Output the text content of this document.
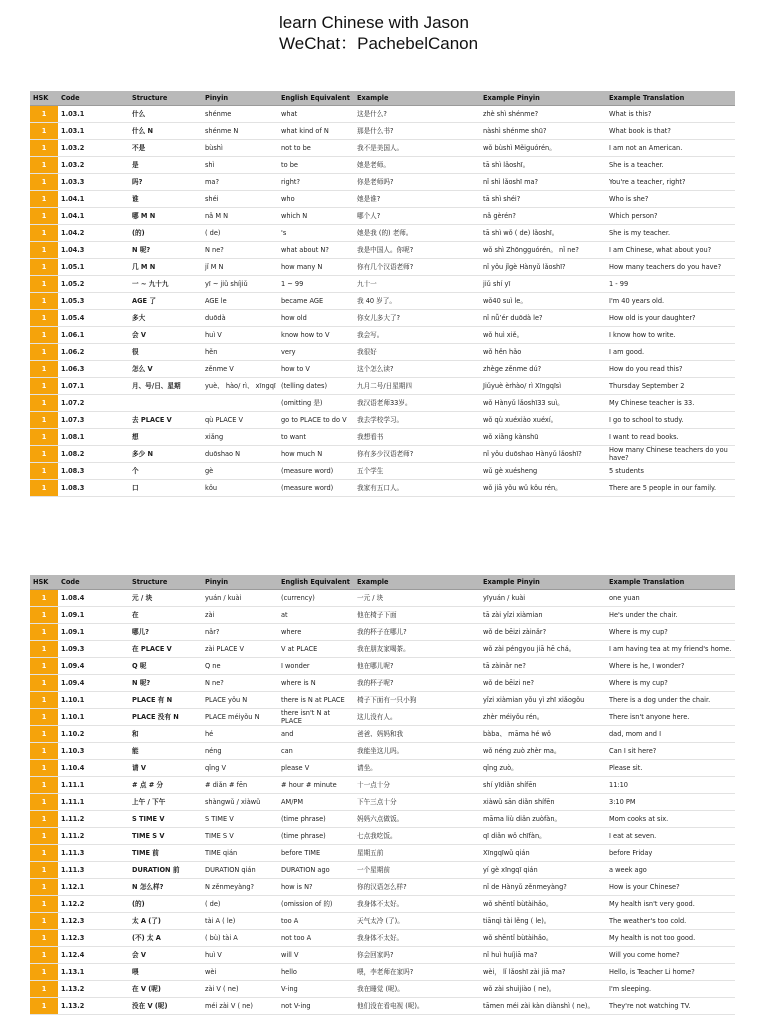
learn Chinese with Jason
WeChat：PachebelCanon
HSK	Code		Structure	Pinyin	English Equivalent	Example	Example Pinyin	Example Translation
1	1.03.1		什么	shénme	what	这是什么?	zhè shì shénme?	What is this?
1	1.03.1		什么 N	shénme N	what kind of N	那是什么书?	nàshì shénme shū?	What book is that?
1	1.03.2		不是	bùshì	not to be	我不是美国人。	wǒ bùshì Měiguórén。	I am not an American.
1	1.03.2		是	shì	to be	她是老师。	tā shì lǎoshī。	She is a teacher.
1	1.03.3		吗?	ma?	right?	你是老师吗?	nǐ shì lǎoshī ma?	You're a teacher, right?
1	1.04.1		谁	shéi	who	她是谁?	tā shì shéi?	Who is she?
1	1.04.1		哪 M N	nǎ M N	which N	哪个人?	nǎ gèrén?	Which person?
1	1.04.2		(的)	( de)	's	她是我 (的) 老师。	tā shì wǒ ( de) lǎoshī。	She is my teacher.
1	1.04.3		N 呢?	N ne?	what about N?	我是中国人。你呢?	wǒ shì Zhōngguórén。 nǐ ne?	I am Chinese, what about you?
1	1.05.1		几 M N	jǐ M N	how many N	你有几个汉语老师?	nǐ yǒu jǐgè Hànyǔ lǎoshī?	How many teachers do you have?
1	1.05.2		一 ~ 九十九	yī ~ jiǔ shíjiǔ	1 ~ 99	九十一	jiǔ shí yī	1 - 99
1	1.05.3		AGE 了	AGE le	became AGE	我 40 岁了。	wǒ40 suì le。	I'm 40 years old.
1	1.05.4		多大	duōdà	how old	你女儿多大了?	nǐ nǚ’ér duōdà le?	How old is your daughter?
1	1.06.1		会 V	huì V	know how to V	我会写。	wǒ huì xiě。	I know how to write.
1	1.06.2		很	hěn	very	我很好	wǒ hěn hǎo	I am good.
1	1.06.3		怎么 V	zěnme V	how to V	这个怎么读?	zhège zěnme dú?	How do you read this?
1	1.07.1		月、号/日、星期	yuè、 hào/ rì、 xīngqī	(telling dates)	九月二号/日星期四	Jiǔyuè èrhào/ rì Xīngqīsì	Thursday September 2
1	1.07.2				(omitting 是)	我汉语老师33岁。	wǒ Hànyǔ lǎoshī33 suì。	My Chinese teacher is 33.
1	1.07.3		去 PLACE V	qù PLACE V	go to PLACE to do V	我去学校学习。	wǒ qù xuéxiào xuéxí。	I go to school to study.
1	1.08.1		想	xiǎng	to want	我想看书	wǒ xiǎng kànshū	I want to read books.
1	1.08.2		多少 N	duōshao N	how much N	你有多少汉语老师?	nǐ yǒu duōshao Hànyǔ lǎoshī?	How many Chinese teachers do you have?
1	1.08.3		个	gè	(measure word)	五个学生	wǔ gè xuésheng	5 students
1	1.08.3		口	kǒu	(measure word)	我家有五口人。	wǒ jiā yǒu wǔ kǒu rén。	There are 5 people in our family.
HSK	Code		Structure	Pinyin	English Equivalent	Example	Example Pinyin	Example Translation
1	1.08.4		元 / 块	yuán / kuài	(currency)	一元 / 块	yīyuán / kuài	one yuan
1	1.09.1		在	zài	at	他在椅子下面	tā zài yǐzi xiàmian	He's under the chair.
1	1.09.1		哪儿?	nǎr?	where	我的杯子在哪儿?	wǒ de bēizi zàinǎr?	Where is my cup?
1	1.09.3		在 PLACE V	zài PLACE V	V at PLACE	我在朋友家喝茶。	wǒ zài péngyou jiā hē chá。	I am having tea at my friend's home.
1	1.09.4		Q 呢	Q ne	I wonder	他在哪儿呢?	tā zàinǎr ne?	Where is he, I wonder?
1	1.09.4		N 呢?	N ne?	where is N	我的杯子呢?	wǒ de bēizi ne?	Where is my cup?
1	1.10.1		PLACE 有 N	PLACE yǒu N	there is N at PLACE	椅子下面有一只小狗	yǐzi xiàmian yǒu yì zhī xiǎogǒu	There is a dog under the chair.
1	1.10.1		PLACE 没有 N	PLACE méiyǒu N	there isn't N at PLACE	这儿没有人。	zhèr méiyǒu rén。	There isn't anyone here.
1	1.10.2		和	hé	and	爸爸、妈妈和我	bàba、 māma hé wǒ	dad, mom and I
1	1.10.3		能	néng	can	我能坐这儿吗。	wǒ néng zuò zhèr ma。	Can I sit here?
1	1.10.4		请 V	qǐng V	please V	请坐。	qǐng zuò。	Please sit.
1	1.11.1		# 点 # 分	# diǎn # fēn	# hour # minute	十一点十分	shí yīdiǎn shífēn	11:10
1	1.11.1		上午 / 下午	shàngwǔ / xiàwǔ	AM/PM	下午三点十分	xiàwǔ sān diǎn shífēn	3:10 PM
1	1.11.2		S TIME V	S TIME V	(time phrase)	妈妈六点做饭。	māma liù diǎn zuòfàn。	Mom cooks at six.
1	1.11.2		TIME S V	TIME S V	(time phrase)	七点我吃饭。	qī diǎn wǒ chīfàn。	I eat at seven.
1	1.11.3		TIME 前	TIME qián	before TIME	星期五前	Xīngqīwǔ qián	before Friday
1	1.11.3		DURATION 前	DURATION qián	DURATION ago	一个星期前	yí gè xīngqī qián	a week ago
1	1.12.1		N 怎么样?	N zěnmeyàng?	how is N?	你的汉语怎么样?	nǐ de Hànyǔ zěnmeyàng?	How is your Chinese?
1	1.12.2		(的)	( de)	(omission of 的)	我身体不太好。	wǒ shēntǐ bùtàihǎo。	My health isn't very good.
1	1.12.3		太 A (了)	tài A ( le)	too A	天气太冷 (了)。	tiānqì tài lěng ( le)。	The weather's too cold.
1	1.12.3		(不) 太 A	( bù) tài A	not too A	我身体不太好。	wǒ shēntǐ bùtàihǎo。	My health is not too good.
1	1.12.4		会 V	huì V	will V	你会回家吗?	nǐ huì huíjiā ma?	Will you come home?
1	1.13.1		喂	wèi	hello	喂，李老师在家吗?	wèi， lǐ lǎoshī zài jiā ma?	Hello, is Teacher Li home?
1	1.13.2		在 V (呢)	zài V ( ne)	V-ing	我在睡觉 (呢)。	wǒ zài shuìjiào ( ne)。	I'm sleeping.
1	1.13.2		没在 V (呢)	méi zài V ( ne)	not V-ing	他们没在看电视 (呢)。	tāmen méi zài kàn diànshì ( ne)。	They're not watching TV.
